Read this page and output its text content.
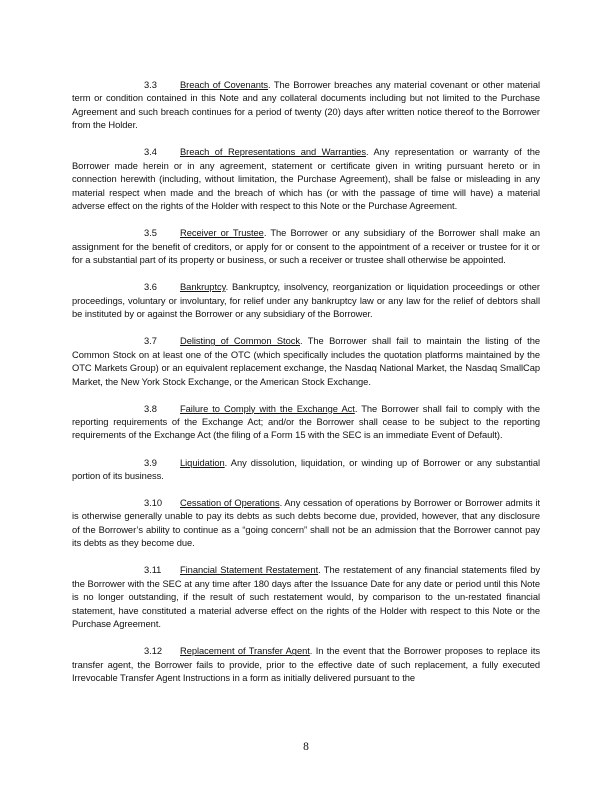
3.3 Breach of Covenants. The Borrower breaches any material covenant or other material term or condition contained in this Note and any collateral documents including but not limited to the Purchase Agreement and such breach continues for a period of twenty (20) days after written notice thereof to the Borrower from the Holder.

3.4 Breach of Representations and Warranties. Any representation or warranty of the Borrower made herein or in any agreement, statement or certificate given in writing pursuant hereto or in connection herewith (including, without limitation, the Purchase Agreement), shall be false or misleading in any material respect when made and the breach of which has (or with the passage of time will have) a material adverse effect on the rights of the Holder with respect to this Note or the Purchase Agreement.

3.5 Receiver or Trustee. The Borrower or any subsidiary of the Borrower shall make an assignment for the benefit of creditors, or apply for or consent to the appointment of a receiver or trustee for it or for a substantial part of its property or business, or such a receiver or trustee shall otherwise be appointed.

3.6 Bankruptcy. Bankruptcy, insolvency, reorganization or liquidation proceedings or other proceedings, voluntary or involuntary, for relief under any bankruptcy law or any law for the relief of debtors shall be instituted by or against the Borrower or any subsidiary of the Borrower.

3.7 Delisting of Common Stock. The Borrower shall fail to maintain the listing of the Common Stock on at least one of the OTC (which specifically includes the quotation platforms maintained by the OTC Markets Group) or an equivalent replacement exchange, the Nasdaq National Market, the Nasdaq SmallCap Market, the New York Stock Exchange, or the American Stock Exchange.

3.8 Failure to Comply with the Exchange Act. The Borrower shall fail to comply with the reporting requirements of the Exchange Act; and/or the Borrower shall cease to be subject to the reporting requirements of the Exchange Act (the filing of a Form 15 with the SEC is an immediate Event of Default).

3.9 Liquidation. Any dissolution, liquidation, or winding up of Borrower or any substantial portion of its business.

3.10 Cessation of Operations. Any cessation of operations by Borrower or Borrower admits it is otherwise generally unable to pay its debts as such debts become due, provided, however, that any disclosure of the Borrower’s ability to continue as a “going concern” shall not be an admission that the Borrower cannot pay its debts as they become due.

3.11 Financial Statement Restatement. The restatement of any financial statements filed by the Borrower with the SEC at any time after 180 days after the Issuance Date for any date or period until this Note is no longer outstanding, if the result of such restatement would, by comparison to the un-restated financial statement, have constituted a material adverse effect on the rights of the Holder with respect to this Note or the Purchase Agreement.

3.12 Replacement of Transfer Agent. In the event that the Borrower proposes to replace its transfer agent, the Borrower fails to provide, prior to the effective date of such replacement, a fully executed Irrevocable Transfer Agent Instructions in a form as initially delivered pursuant to the

8
